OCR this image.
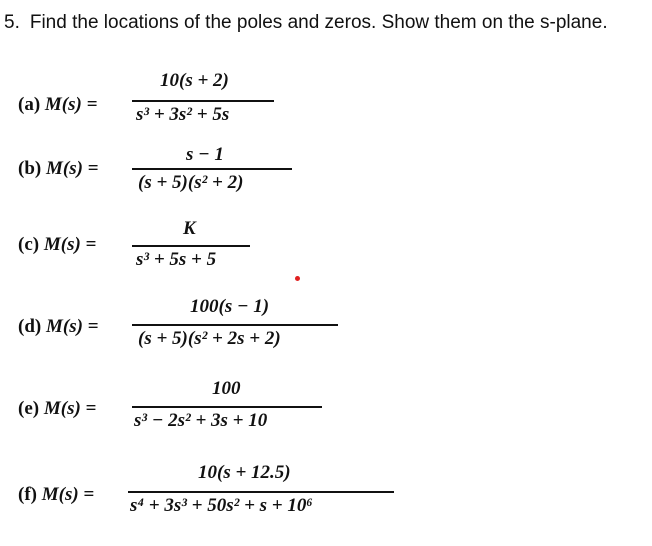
5. Find the locations of the poles and zeros. Show them on the s-plane.
(a) M(s) =
10(s + 2)
s³ + 3s² + 5s
(b) M(s) =
s − 1
(s + 5)(s² + 2)
(c) M(s) =
K
s³ + 5s + 5
(d) M(s) =
100(s − 1)
(s + 5)(s² + 2s + 2)
(e) M(s) =
100
s³ − 2s² + 3s + 10
(f) M(s) =
10(s + 12.5)
s⁴ + 3s³ + 50s² + s + 10⁶
